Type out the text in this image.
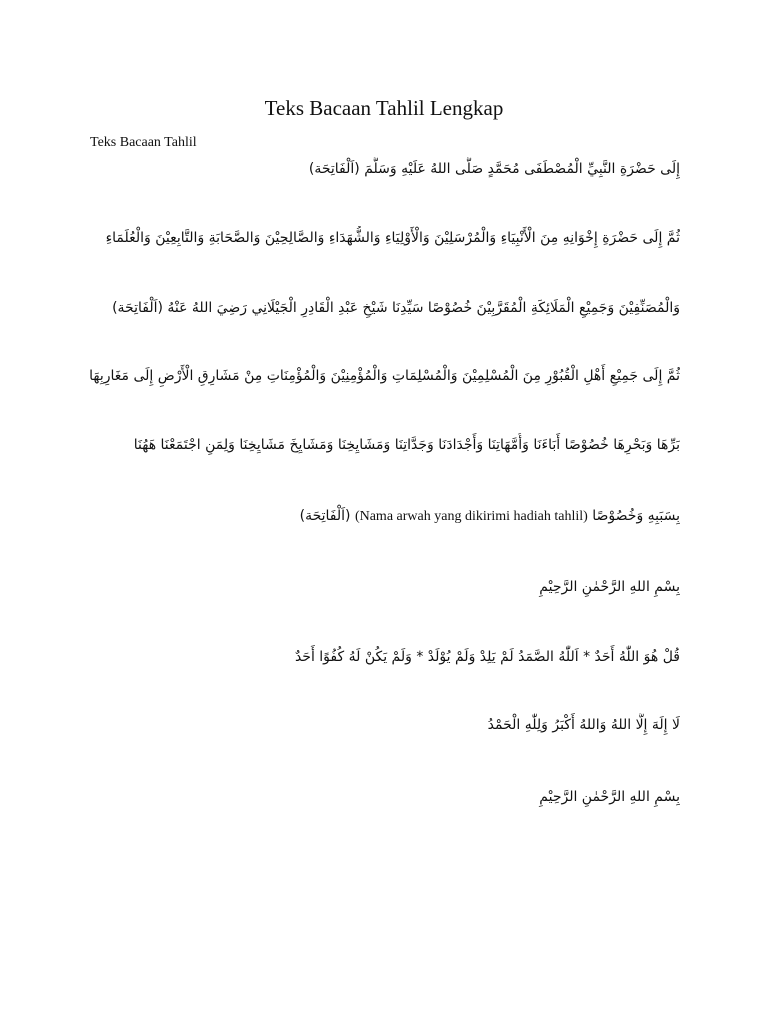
Teks Bacaan Tahlil Lengkap
Teks Bacaan Tahlil
إِلَى حَضْرَةِ النَّبِيِّ الْمُصْطَفَى مُحَمَّدٍ صَلَّى اللهُ عَلَيْهِ وَسَلَّمَ (اَلْفَاتِحَة)
ثُمَّ إِلَى حَضْرَةِ إِخْوَانِهِ مِنَ الْأَنْبِيَاءِ وَالْمُرْسَلِيْنَ وَالْأَوْلِيَاءِ وَالشُّهَدَاءِ وَالصَّالِحِيْنَ وَالصَّحَابَةِ وَالتَّابِعِيْنَ وَالْعُلَمَاءِ
وَالْمُصَنِّفِيْنَ وَجَمِيْعِ الْمَلَائِكَةِ الْمُقَرَّبِيْنَ خُصُوْصًا سَيِّدِنَا شَيْخِ عَبْدِ الْقَادِرِ الْجَيْلَانِي رَضِيَ اللهُ عَنْهُ (اَلْفَاتِحَة)
ثُمَّ إِلَى جَمِيْعِ أَهْلِ الْقُبُوْرِ مِنَ الْمُسْلِمِيْنَ وَالْمُسْلِمَاتِ وَالْمُؤْمِنِيْنَ وَالْمُؤْمِنَاتِ مِنْ مَشَارِقِ الْأَرْضِ إِلَى مَغَارِبِهَا
بَرِّهَا وَبَحْرِهَا خُصُوْصًا أَبَاءَنَا وَأُمَّهَاتِنَا وَأَجْدَادَنَا وَجَدَّاتِنَا وَمَشَايِخِنَا وَمَشَايِخَ مَشَايِخِنَا وَلِمَنِ اجْتَمَعْنَا هَهُنَا
بِسَبَبِهِ وَخُصُوْصًا (Nama arwah yang dikirimi hadiah tahlil) (اَلْفَاتِحَة)
بِسْمِ اللهِ الرَّحْمٰنِ الرَّحِيْمِ
قُلْ هُوَ اللّٰهُ أَحَدٌ * اَللّٰهُ الصَّمَدُ لَمْ يَلِدْ وَلَمْ يُوْلَدْ * وَلَمْ يَكُنْ لَهُ كُفُوًا أَحَدٌ
لَا إِلَهَ إِلَّا اللهُ وَاللهُ أَكْبَرُ وَلِلّٰهِ الْحَمْدُ
بِسْمِ اللهِ الرَّحْمٰنِ الرَّحِيْمِ
